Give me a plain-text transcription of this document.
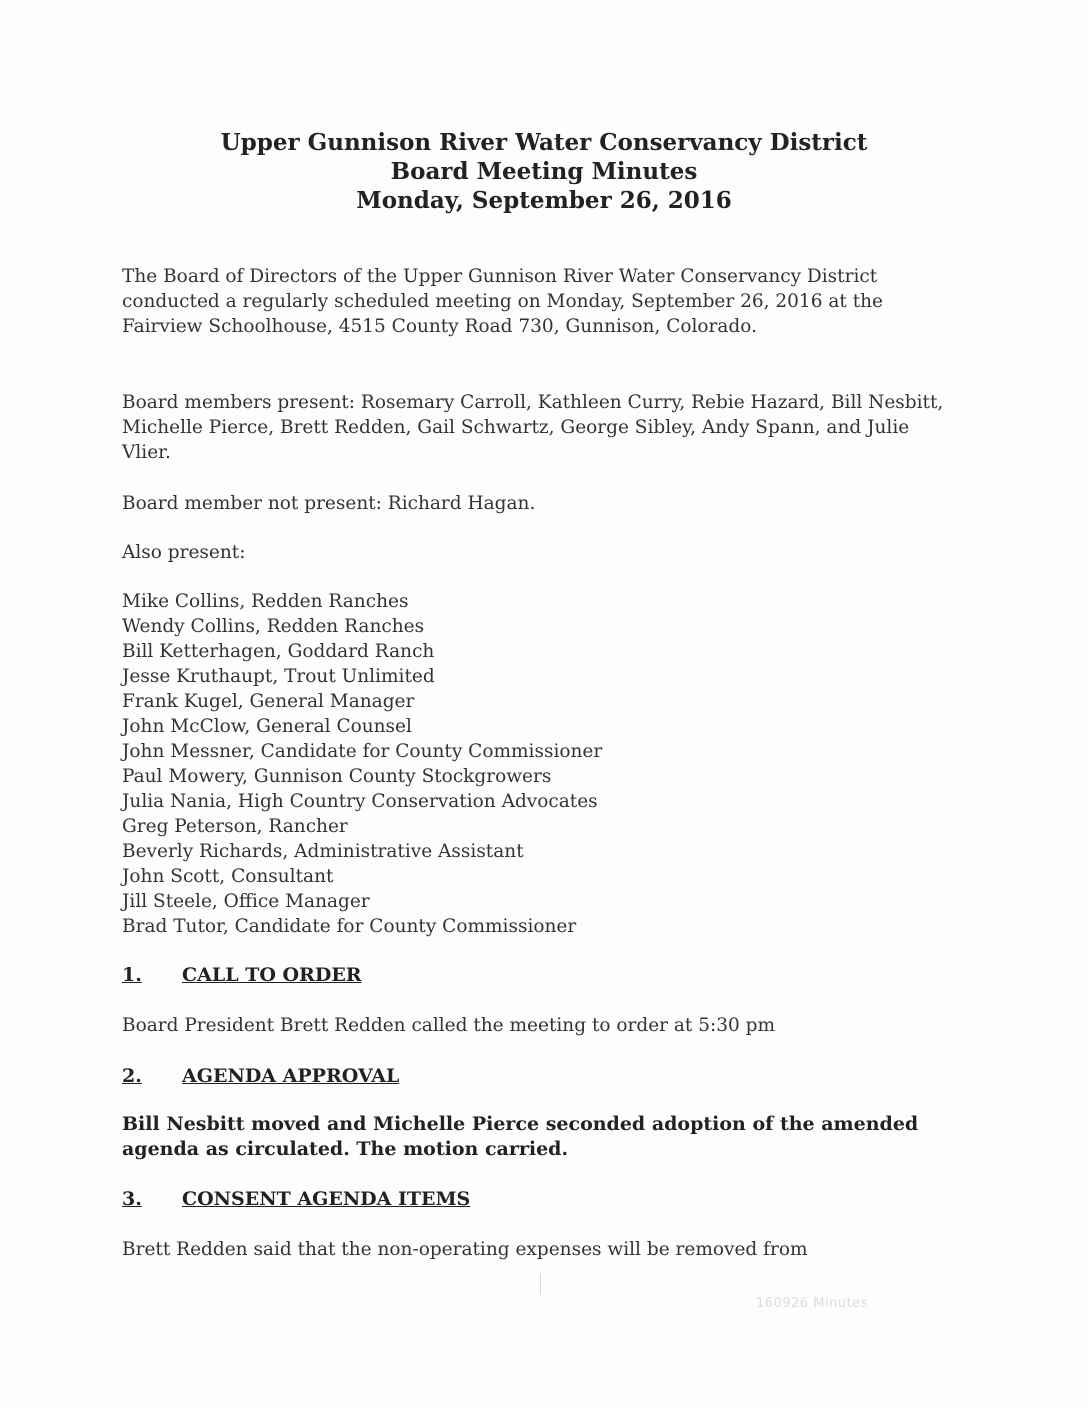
Upper Gunnison River Water Conservancy District
Board Meeting Minutes
Monday, September 26, 2016

The Board of Directors of the Upper Gunnison River Water Conservancy District conducted a regularly scheduled meeting on Monday, September 26, 2016 at the Fairview Schoolhouse, 4515 County Road 730, Gunnison, Colorado.

Board members present: Rosemary Carroll, Kathleen Curry, Rebie Hazard, Bill Nesbitt, Michelle Pierce, Brett Redden, Gail Schwartz, George Sibley, Andy Spann, and Julie Vlier.

Board member not present: Richard Hagan.

Also present:

Mike Collins, Redden Ranches
Wendy Collins, Redden Ranches
Bill Ketterhagen, Goddard Ranch
Jesse Kruthaupt, Trout Unlimited
Frank Kugel, General Manager
John McClow, General Counsel
John Messner, Candidate for County Commissioner
Paul Mowery, Gunnison County Stockgrowers
Julia Nania, High Country Conservation Advocates
Greg Peterson, Rancher
Beverly Richards, Administrative Assistant
John Scott, Consultant
Jill Steele, Office Manager
Brad Tutor, Candidate for County Commissioner
1. CALL TO ORDER

Board President Brett Redden called the meeting to order at 5:30 pm

2. AGENDA APPROVAL

Bill Nesbitt moved and Michelle Pierce seconded adoption of the amended agenda as circulated. The motion carried.

3. CONSENT AGENDA ITEMS

Brett Redden said that the non-operating expenses will be removed from

160926 Minutes
